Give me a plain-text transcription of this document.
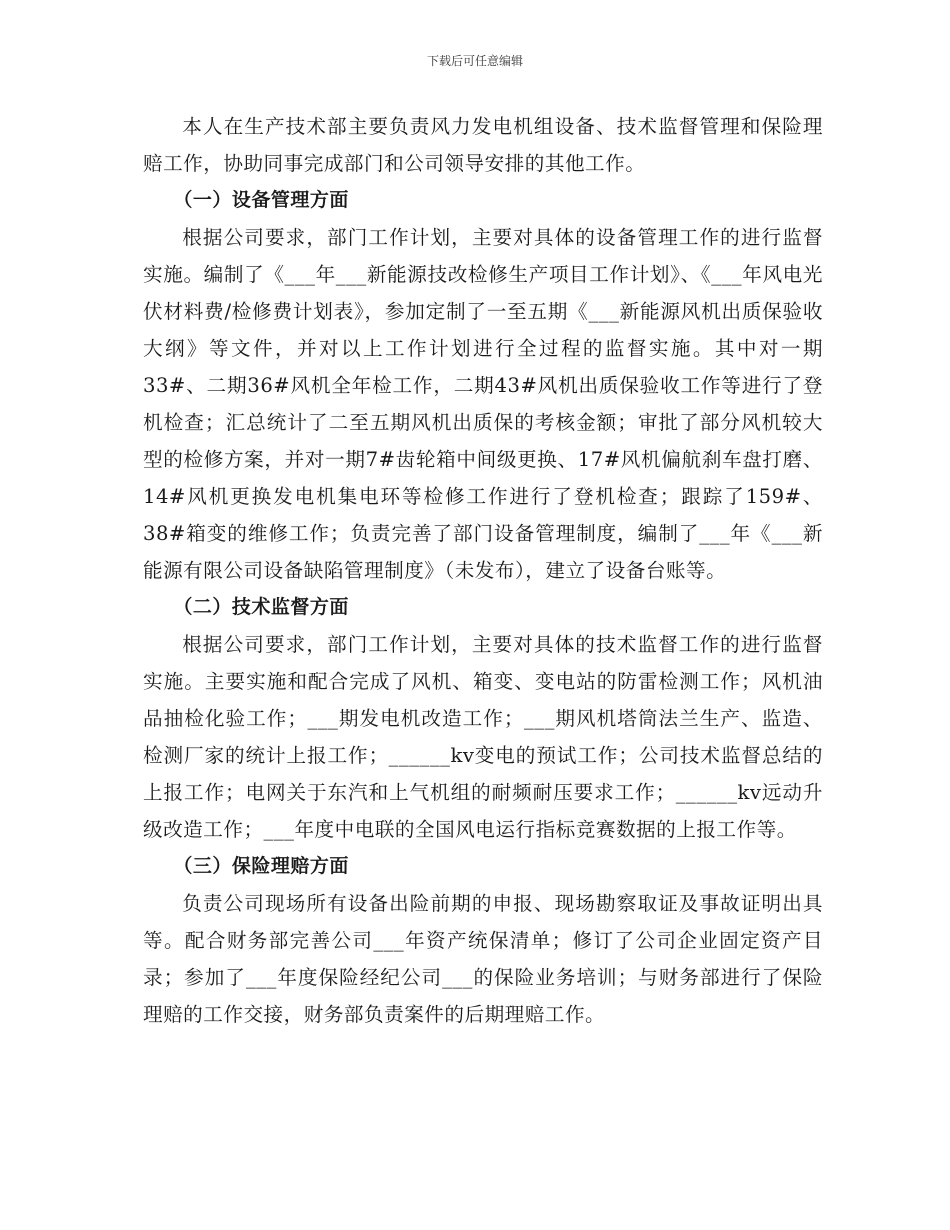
下载后可任意编辑

本人在生产技术部主要负责风力发电机组设备、技术监督管理和保险理赔工作，协助同事完成部门和公司领导安排的其他工作。

（一）设备管理方面

根据公司要求，部门工作计划，主要对具体的设备管理工作的进行监督实施。编制了《___年___新能源技改检修生产项目工作计划》、《___年风电光伏材料费/检修费计划表》，参加定制了一至五期《___新能源风机出质保验收大纲》等文件，并对以上工作计划进行全过程的监督实施。其中对一期33#、二期36#风机全年检工作，二期43#风机出质保验收工作等进行了登机检查；汇总统计了二至五期风机出质保的考核金额；审批了部分风机较大型的检修方案，并对一期7#齿轮箱中间级更换、17#风机偏航刹车盘打磨、14#风机更换发电机集电环等检修工作进行了登机检查；跟踪了159#、38#箱变的维修工作；负责完善了部门设备管理制度，编制了___年《___新能源有限公司设备缺陷管理制度》（未发布），建立了设备台账等。

（二）技术监督方面

根据公司要求，部门工作计划，主要对具体的技术监督工作的进行监督实施。主要实施和配合完成了风机、箱变、变电站的防雷检测工作；风机油品抽检化验工作；___期发电机改造工作；___期风机塔筒法兰生产、监造、检测厂家的统计上报工作；______kv变电的预试工作；公司技术监督总结的上报工作；电网关于东汽和上气机组的耐频耐压要求工作；______kv远动升级改造工作；___年度中电联的全国风电运行指标竞赛数据的上报工作等。

（三）保险理赔方面

负责公司现场所有设备出险前期的申报、现场勘察取证及事故证明出具等。配合财务部完善公司___年资产统保清单；修订了公司企业固定资产目录；参加了___年度保险经纪公司___的保险业务培训；与财务部进行了保险理赔的工作交接，财务部负责案件的后期理赔工作。
